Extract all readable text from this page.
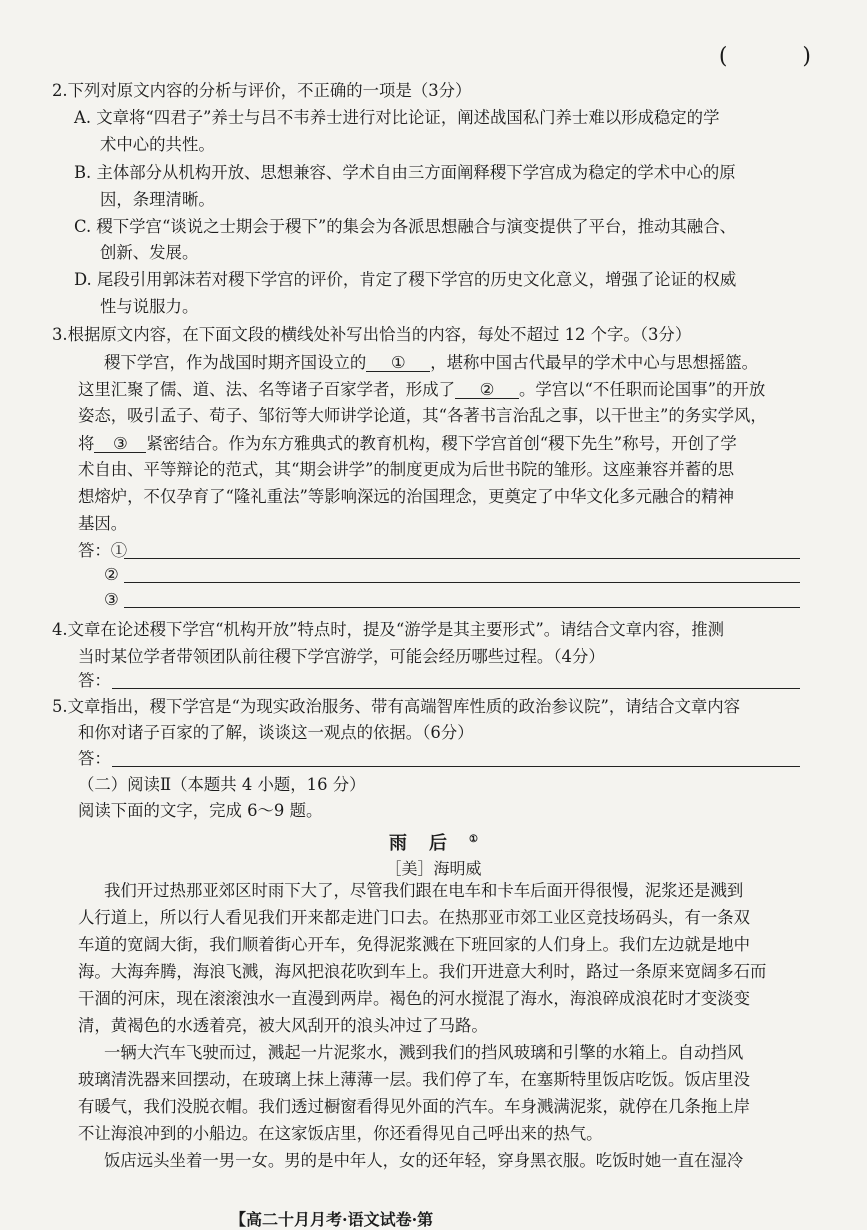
( )
2.下列对原文内容的分析与评价，不正确的一项是（3分）
A. 文章将“四君子”养士与吕不韦养士进行对比论证，阐述战国私门养士难以形成稳定的学
术中心的共性。
B. 主体部分从机构开放、思想兼容、学术自由三方面阐释稷下学宫成为稳定的学术中心的原
因，条理清晰。
C. 稷下学宫“谈说之士期会于稷下”的集会为各派思想融合与演变提供了平台，推动其融合、
创新、发展。
D. 尾段引用郭沫若对稷下学宫的评价，肯定了稷下学宫的历史文化意义，增强了论证的权威
性与说服力。
3.根据原文内容，在下面文段的横线处补写出恰当的内容，每处不超过 12 个字。（3分）
稷下学宫，作为战国时期齐国设立的 ① ，堪称中国古代最早的学术中心与思想摇篮。
这里汇聚了儒、道、法、名等诸子百家学者，形成了 ② 。学宫以“不任职而论国事”的开放
姿态，吸引孟子、荀子、邹衍等大师讲学论道，其“各著书言治乱之事，以干世主”的务实学风，
将 ③ 紧密结合。作为东方雅典式的教育机构，稷下学宫首创“稷下先生”称号，开创了学
术自由、平等辩论的范式，其“期会讲学”的制度更成为后世书院的雏形。这座兼容并蓄的思
想熔炉，不仅孕育了“隆礼重法”等影响深远的治国理念，更奠定了中华文化多元融合的精神
基因。
答：①
②
③
4.文章在论述稷下学宫“机构开放”特点时，提及“游学是其主要形式”。请结合文章内容，推测
当时某位学者带领团队前往稷下学宫游学，可能会经历哪些过程。（4分）
答：
5.文章指出，稷下学宫是“为现实政治服务、带有高端智库性质的政治参议院”，请结合文章内容
和你对诸子百家的了解，谈谈这一观点的依据。（6分）
答：
（二）阅读Ⅱ（本题共 4 小题，16 分）
阅读下面的文字，完成 6～9 题。
雨后①
［美］海明威
我们开过热那亚郊区时雨下大了，尽管我们跟在电车和卡车后面开得很慢，泥浆还是溅到
人行道上，所以行人看见我们开来都走进门口去。在热那亚市郊工业区竞技场码头，有一条双
车道的宽阔大街，我们顺着街心开车，免得泥浆溅在下班回家的人们身上。我们左边就是地中
海。大海奔腾，海浪飞溅，海风把浪花吹到车上。我们开进意大利时，路过一条原来宽阔多石而
干涸的河床，现在滚滚浊水一直漫到两岸。褐色的河水搅混了海水，海浪碎成浪花时才变淡变
清，黄褐色的水透着亮，被大风刮开的浪头冲过了马路。
一辆大汽车飞驶而过，溅起一片泥浆水，溅到我们的挡风玻璃和引擎的水箱上。自动挡风
玻璃清洗器来回摆动，在玻璃上抹上薄薄一层。我们停了车，在塞斯特里饭店吃饭。饭店里没
有暖气，我们没脱衣帽。我们透过橱窗看得见外面的汽车。车身溅满泥浆，就停在几条拖上岸
不让海浪冲到的小船边。在这家饭店里，你还看得见自己呼出来的热气。
饭店远头坐着一男一女。男的是中年人，女的还年轻，穿身黑衣服。吃饭时她一直在湿冷
【高二十月月考·语文试卷·第
